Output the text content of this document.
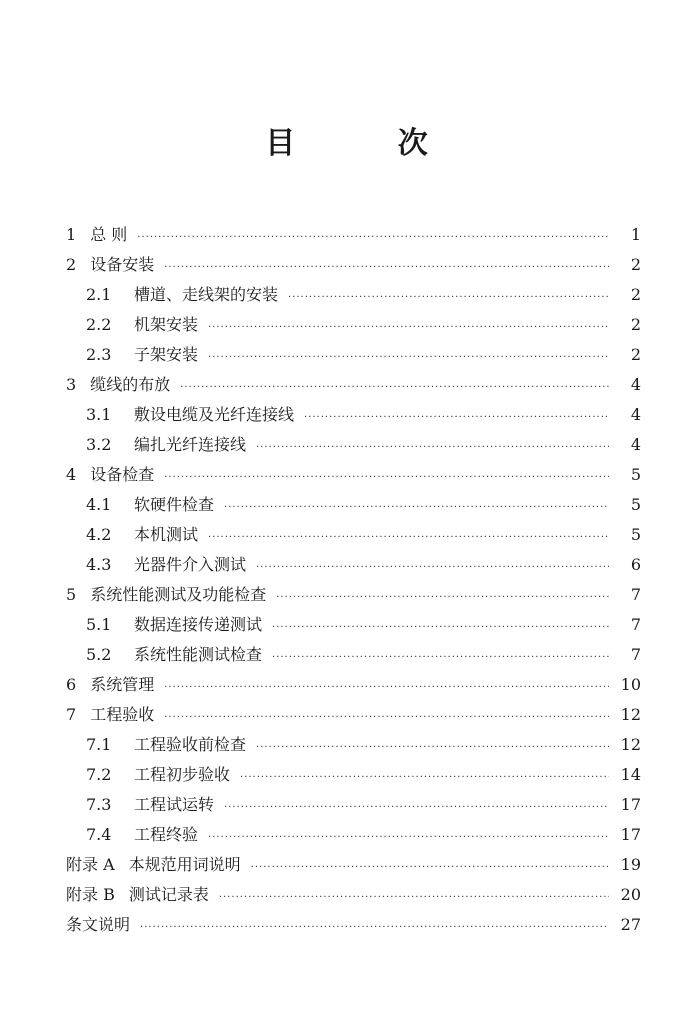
目 次
1 总 则 ·····	1
2 设备安装 ·····	2
2.1	槽道、走线架的安装 ·····	2
2.2	机架安装 ·····	2
2.3	子架安装 ·····	2
3 缆线的布放 ·····	4
3.1	敷设电缆及光纤连接线 ·····	4
3.2	编扎光纤连接线 ·····	4
4 设备检查 ·····	5
4.1	软硬件检查 ·····	5
4.2	本机测试 ·····	5
4.3	光器件介入测试 ·····	6
5 系统性能测试及功能检查 ·····	7
5.1	数据连接传递测试 ·····	7
5.2	系统性能测试检查 ·····	7
6 系统管理 ·····	10
7 工程验收 ·····	12
7.1	工程验收前检查 ·····	12
7.2	工程初步验收 ·····	14
7.3	工程试运转 ·····	17
7.4	工程终验 ·····	17
附录 A 本规范用词说明 ·····	19
附录 B 测试记录表 ·····	20
条文说明 ·····	27
